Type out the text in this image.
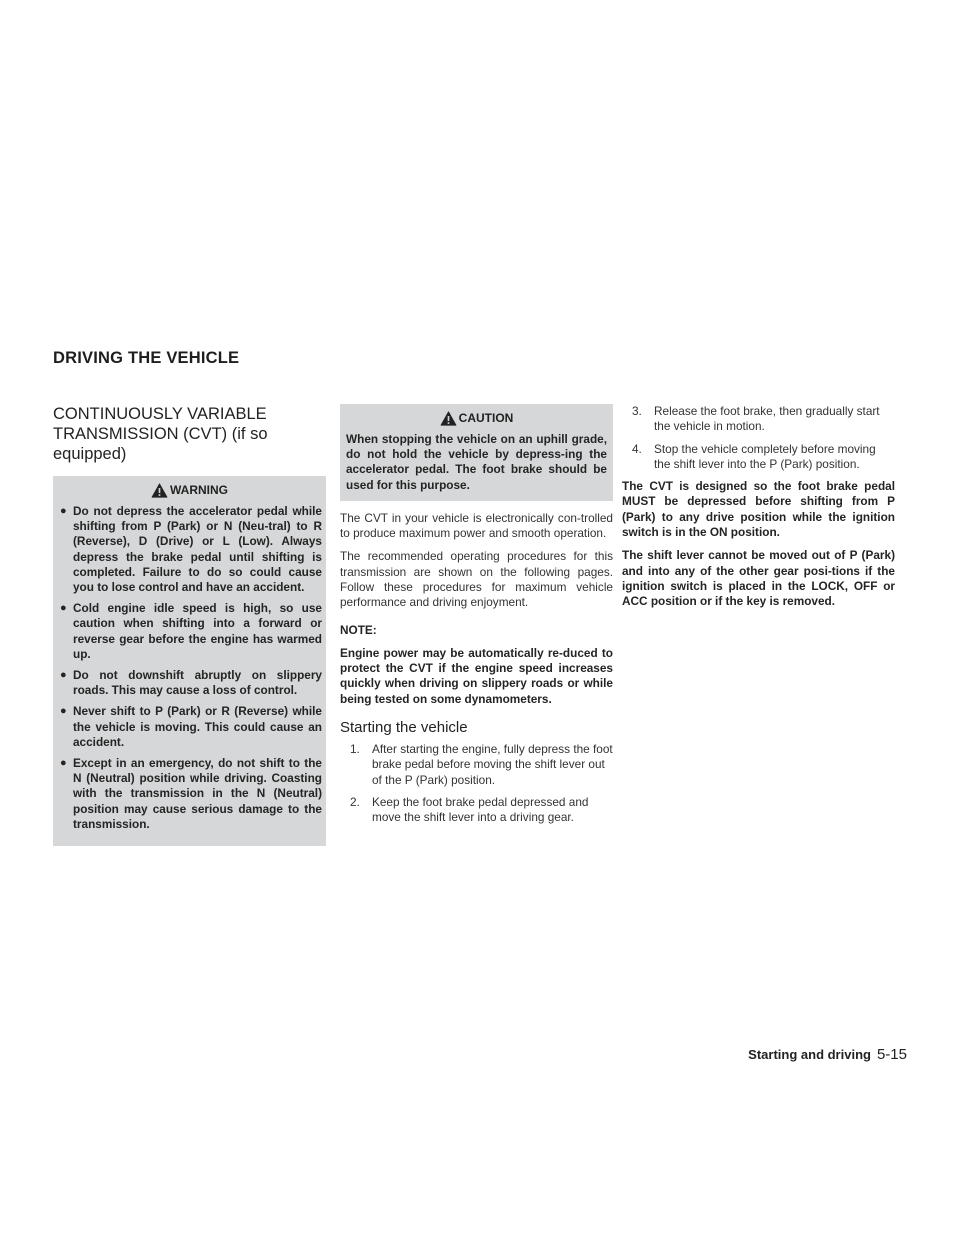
DRIVING THE VEHICLE
CONTINUOUSLY VARIABLE TRANSMISSION (CVT) (if so equipped)
WARNING
● Do not depress the accelerator pedal while shifting from P (Park) or N (Neu-tral) to R (Reverse), D (Drive) or L (Low). Always depress the brake pedal until shifting is completed. Failure to do so could cause you to lose control and have an accident.
● Cold engine idle speed is high, so use caution when shifting into a forward or reverse gear before the engine has warmed up.
● Do not downshift abruptly on slippery roads. This may cause a loss of control.
● Never shift to P (Park) or R (Reverse) while the vehicle is moving. This could cause an accident.
● Except in an emergency, do not shift to the N (Neutral) position while driving. Coasting with the transmission in the N (Neutral) position may cause serious damage to the transmission.
CAUTION

When stopping the vehicle on an uphill grade, do not hold the vehicle by depress-ing the accelerator pedal. The foot brake should be used for this purpose.

The CVT in your vehicle is electronically con-trolled to produce maximum power and smooth operation.

The recommended operating procedures for this transmission are shown on the following pages. Follow these procedures for maximum vehicle performance and driving enjoyment.

NOTE:

Engine power may be automatically re-duced to protect the CVT if the engine speed increases quickly when driving on slippery roads or while being tested on some dynamometers.

Starting the vehicle
1. After starting the engine, fully depress the foot brake pedal before moving the shift lever out of the P (Park) position.
2. Keep the foot brake pedal depressed and move the shift lever into a driving gear.
3. Release the foot brake, then gradually start the vehicle in motion.
4. Stop the vehicle completely before moving the shift lever into the P (Park) position.

The CVT is designed so the foot brake pedal MUST be depressed before shifting from P (Park) to any drive position while the ignition switch is in the ON position.

The shift lever cannot be moved out of P (Park) and into any of the other gear posi-tions if the ignition switch is placed in the LOCK, OFF or ACC position or if the key is removed.

Starting and driving 5-15
